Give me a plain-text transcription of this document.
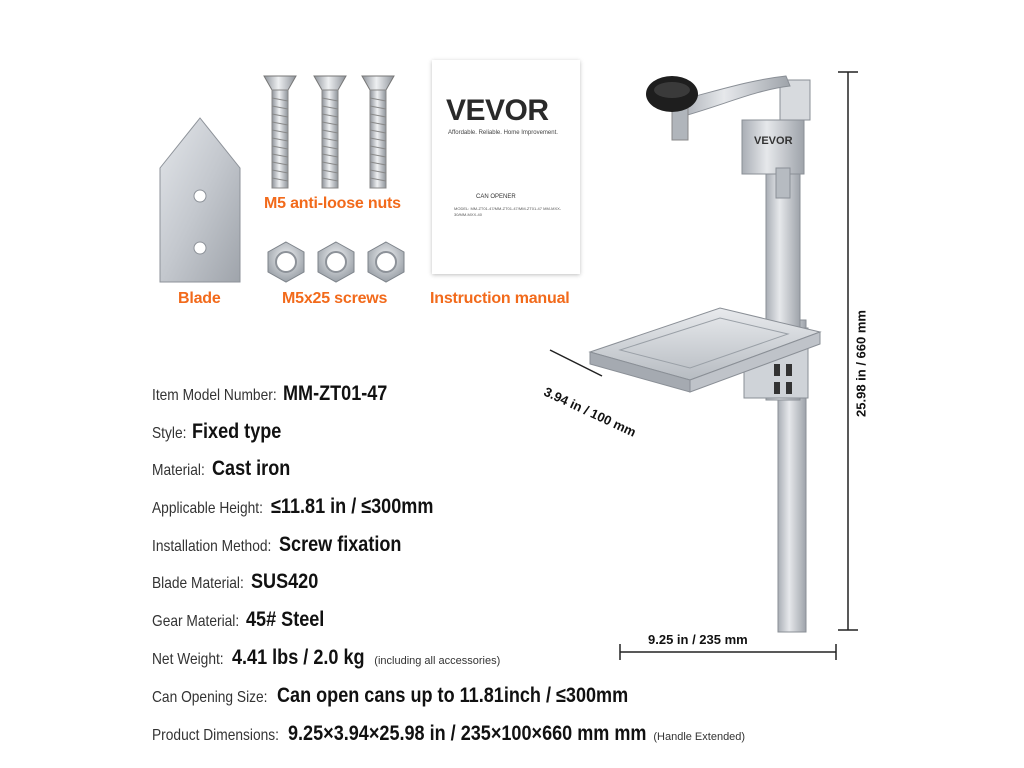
Blade
M5 anti-loose nuts
M5x25 screws
VEVOR
Affordable. Reliable. Home Improvement.
CAN OPENER
MODEL: MM-ZT01-47/MM-ZT01-47/MM-ZT01-47 MM-MXX-30/MM-MXX-40
Instruction manual
VEVOR
25.98 in / 660 mm
3.94 in / 100 mm
9.25 in / 235 mm
Item Model Number: MM-ZT01-47
Style: Fixed type
Material: Cast iron
Applicable Height: ≤11.81 in / ≤300mm
Installation Method: Screw fixation
Blade Material: SUS420
Gear Material: 45# Steel
Net Weight: 4.41 lbs / 2.0 kg (including all accessories)
Can Opening Size: Can open cans up to 11.81inch / ≤300mm
Product Dimensions: 9.25×3.94×25.98 in / 235×100×660 mm mm (Handle Extended)
